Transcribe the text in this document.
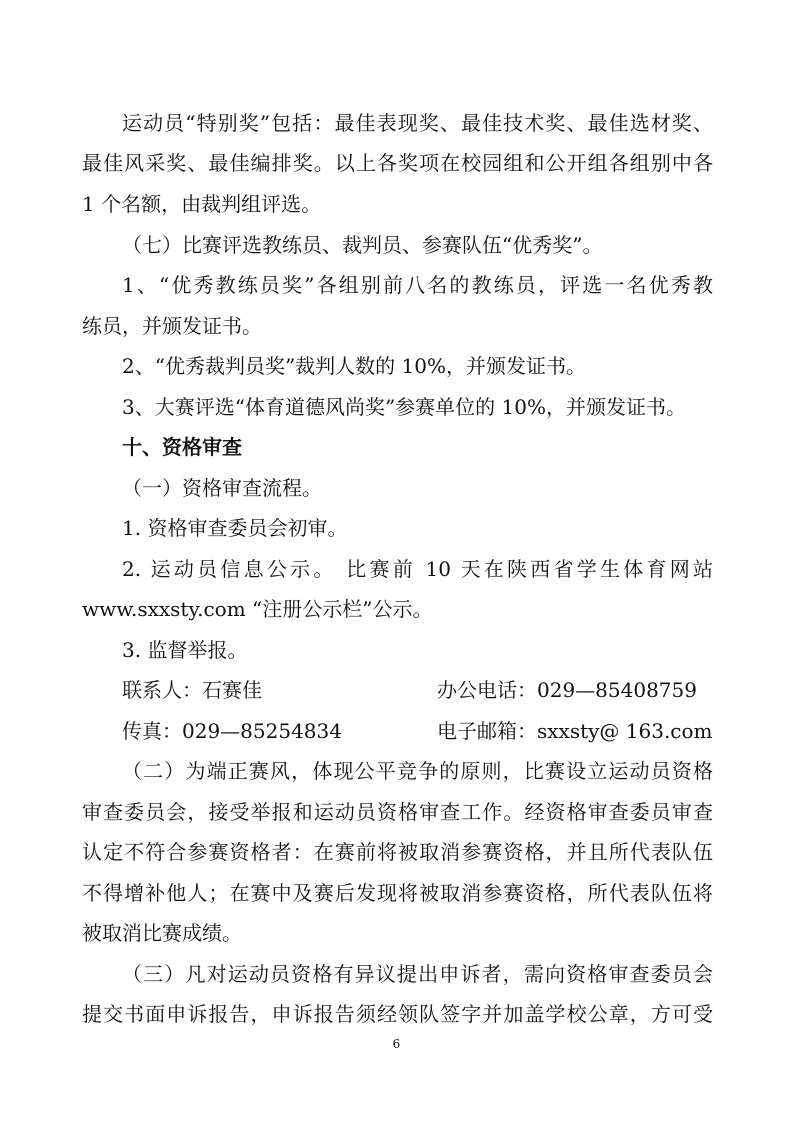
运动员“特别奖”包括：最佳表现奖、最佳技术奖、最佳选材奖、
最佳风采奖、最佳编排奖。以上各奖项在校园组和公开组各组别中各
1 个名额，由裁判组评选。
（七）比赛评选教练员、裁判员、参赛队伍“优秀奖”。
1、“优秀教练员奖”各组别前八名的教练员，评选一名优秀教
练员，并颁发证书。
2、“优秀裁判员奖”裁判人数的 10%，并颁发证书。
3、大赛评选“体育道德风尚奖”参赛单位的 10%，并颁发证书。
十、资格审查
（一）资格审查流程。
1. 资格审查委员会初审。
2. 运动员信息公示。 比赛前 10 天在陕西省学生体育网站
www.sxxsty.com “注册公示栏”公示。
3. 监督举报。
联系人：石赛佳	办公电话：029—85408759
传真：029—85254834	电子邮箱：sxxsty@ 163.com
（二）为端正赛风，体现公平竞争的原则，比赛设立运动员资格
审查委员会，接受举报和运动员资格审查工作。经资格审查委员审查
认定不符合参赛资格者：在赛前将被取消参赛资格，并且所代表队伍
不得增补他人；在赛中及赛后发现将被取消参赛资格，所代表队伍将
被取消比赛成绩。
（三）凡对运动员资格有异议提出申诉者，需向资格审查委员会
提交书面申诉报告，申诉报告须经领队签字并加盖学校公章，方可受
6
